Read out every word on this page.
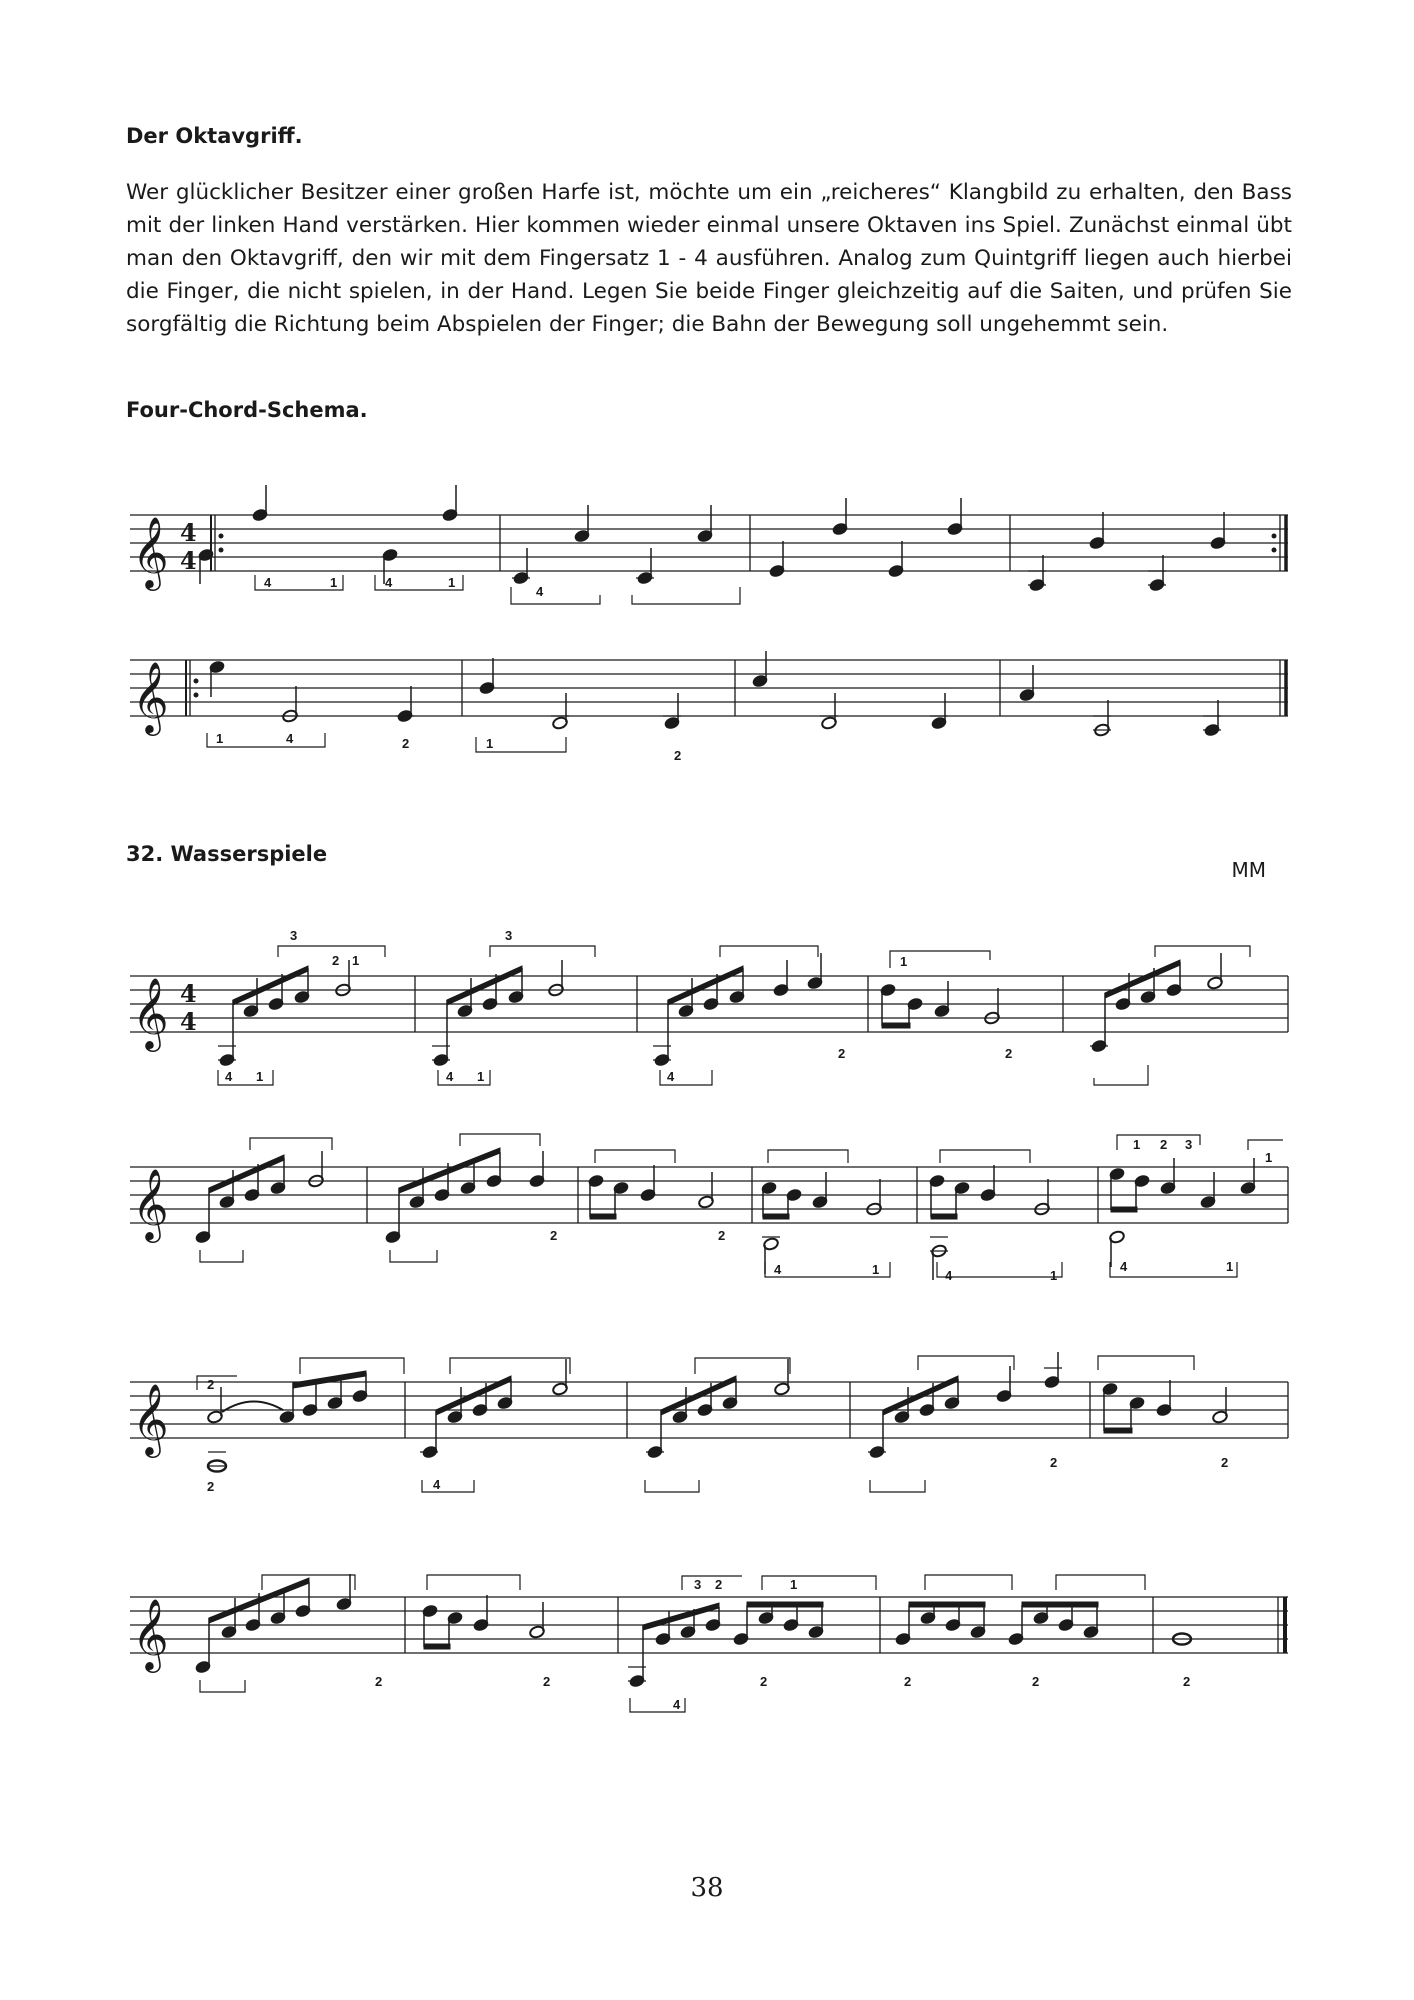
Der Oktavgriff.
Wer glücklicher Besitzer einer großen Harfe ist, möchte um ein „reicheres“ Klangbild zu erhalten, den Bass
mit der linken Hand verstärken. Hier kommen wieder einmal unsere Oktaven ins Spiel. Zunächst einmal übt
man den Oktavgriff, den wir mit dem Fingersatz 1 - 4 ausführen. Analog zum Quintgriff liegen auch hierbei
die Finger, die nicht spielen, in der Hand. Legen Sie beide Finger gleichzeitig auf die Saiten, und prüfen Sie
sorgfältig die Richtung beim Abspielen der Finger; die Bahn der Bewegung soll ungehemmt sein.
Four-Chord-Schema.
32. Wasserspiele
MM
38
𝄞 4
4
4	1	4	1
4
𝄞
1	4	2	1
2
𝄞 4
4
3
2 1
3
1
4 1	4 1	4
2	2
𝄞	2	2
4	1	4	1
4	1
1 2 3
1
𝄞	2
2	4
2	2
𝄞
3 2	1
2	2	2	2	2	2
4
